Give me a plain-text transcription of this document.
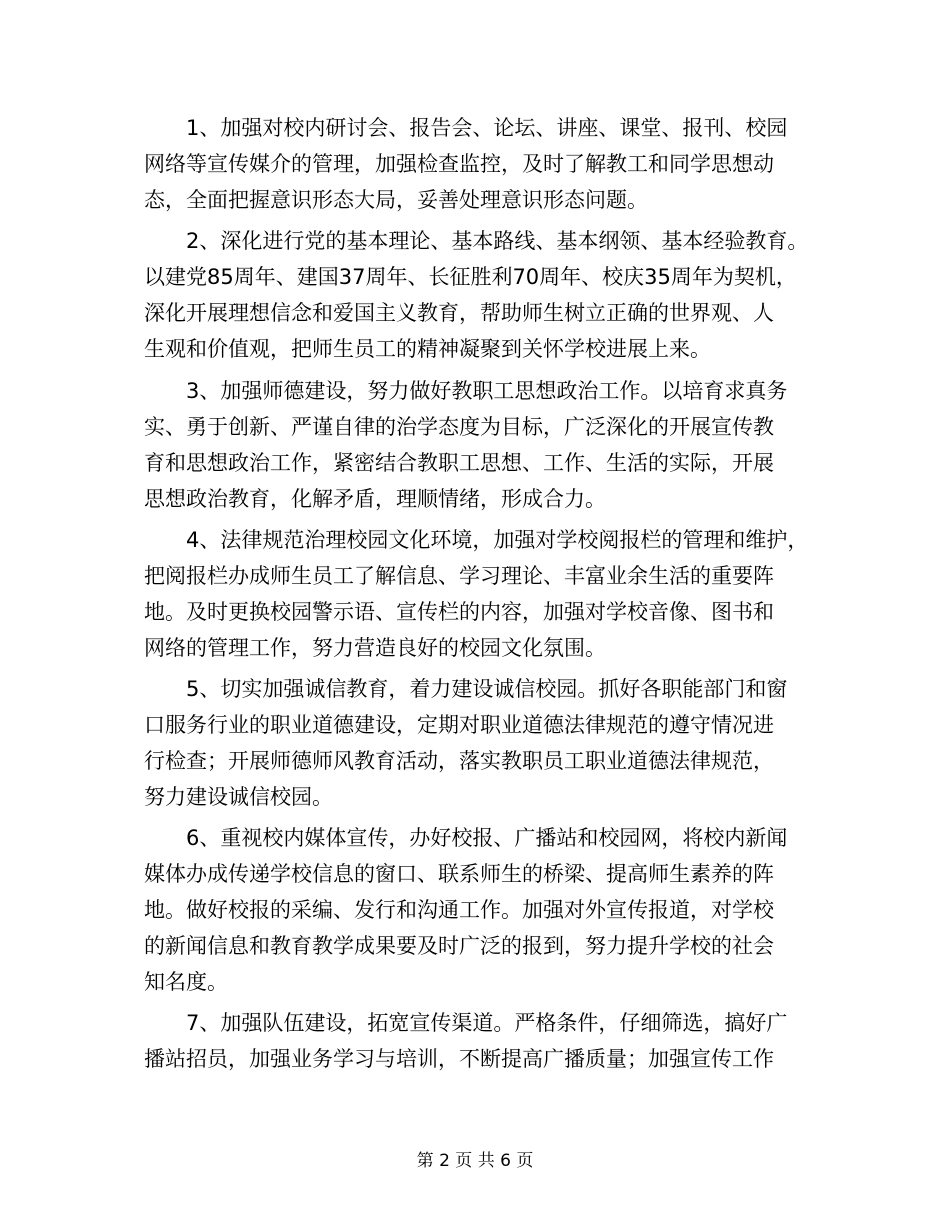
1、加强对校内研讨会、报告会、论坛、讲座、课堂、报刊、校园
网络等宣传媒介的管理，加强检查监控，及时了解教工和同学思想动
态，全面把握意识形态大局，妥善处理意识形态问题。
2、深化进行党的基本理论、基本路线、基本纲领、基本经验教育。
以建党85周年、建国37周年、长征胜利70周年、校庆35周年为契机，
深化开展理想信念和爱国主义教育，帮助师生树立正确的世界观、人
生观和价值观，把师生员工的精神凝聚到关怀学校进展上来。
3、加强师德建设，努力做好教职工思想政治工作。以培育求真务
实、勇于创新、严谨自律的治学态度为目标，广泛深化的开展宣传教
育和思想政治工作，紧密结合教职工思想、工作、生活的实际，开展
思想政治教育，化解矛盾，理顺情绪，形成合力。
4、法律规范治理校园文化环境，加强对学校阅报栏的管理和维护，
把阅报栏办成师生员工了解信息、学习理论、丰富业余生活的重要阵
地。及时更换校园警示语、宣传栏的内容，加强对学校音像、图书和
网络的管理工作，努力营造良好的校园文化氛围。
5、切实加强诚信教育，着力建设诚信校园。抓好各职能部门和窗
口服务行业的职业道德建设，定期对职业道德法律规范的遵守情况进
行检查；开展师德师风教育活动，落实教职员工职业道德法律规范，
努力建设诚信校园。
6、重视校内媒体宣传，办好校报、广播站和校园网，将校内新闻
媒体办成传递学校信息的窗口、联系师生的桥梁、提高师生素养的阵
地。做好校报的采编、发行和沟通工作。加强对外宣传报道，对学校
的新闻信息和教育教学成果要及时广泛的报到，努力提升学校的社会
知名度。
7、加强队伍建设，拓宽宣传渠道。严格条件，仔细筛选，搞好广
播站招员，加强业务学习与培训，不断提高广播质量；加强宣传工作
第 2 页 共 6 页
